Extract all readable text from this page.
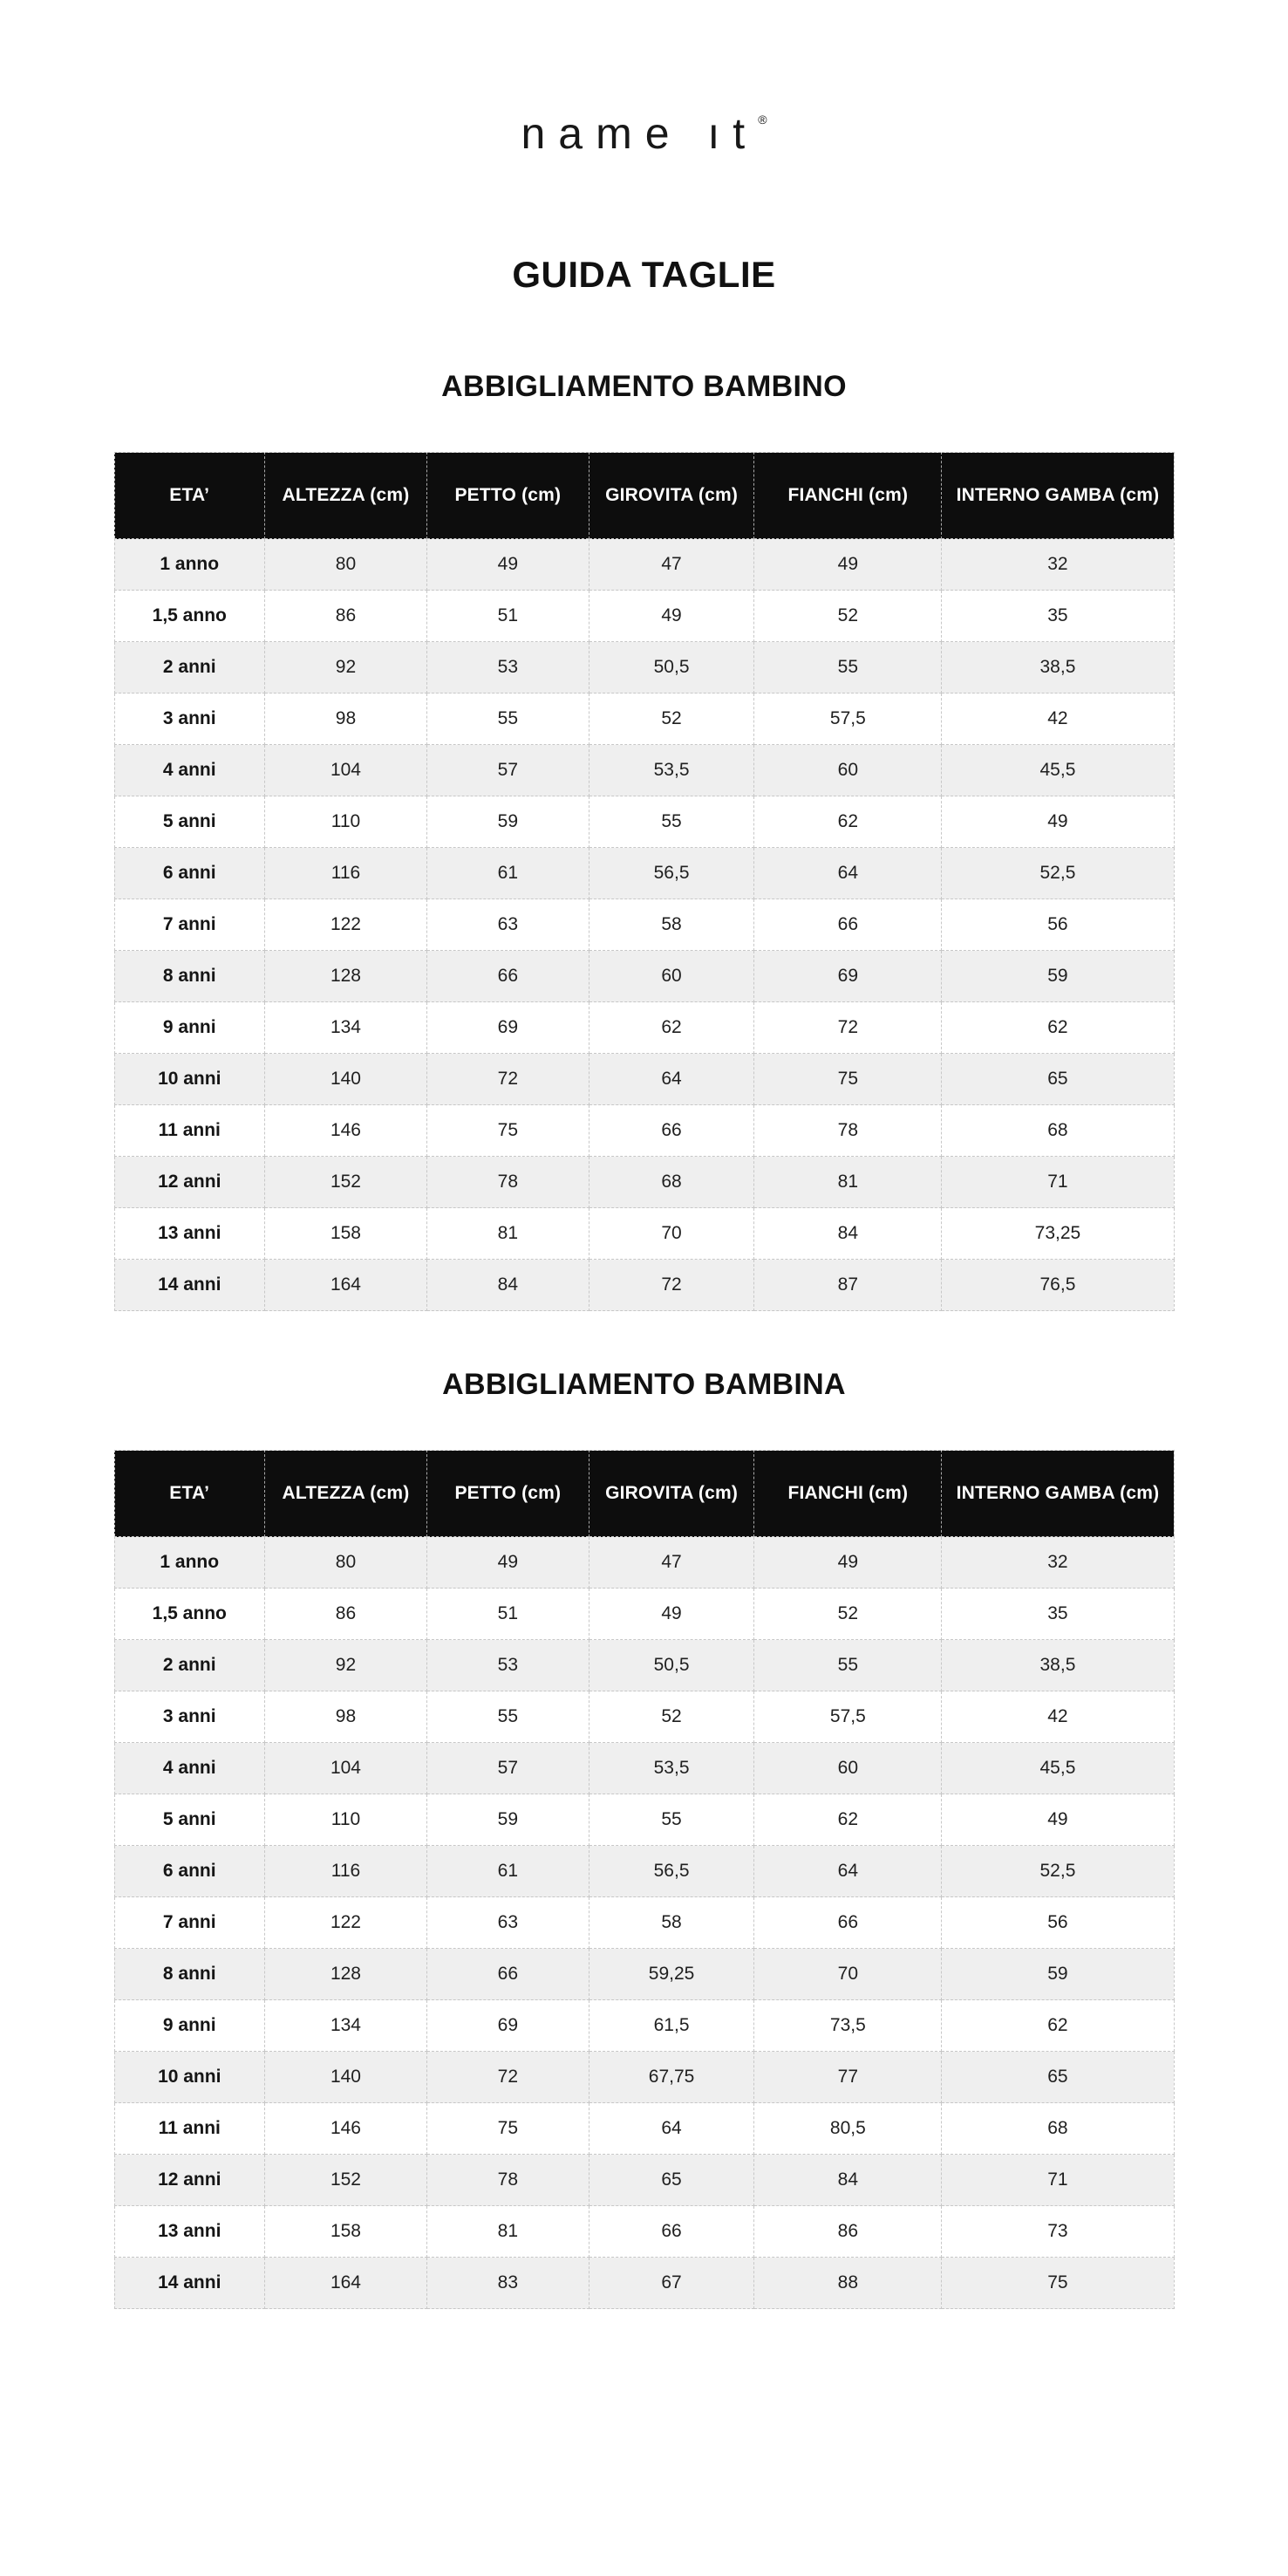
name ıt®
GUIDA TAGLIE
ABBIGLIAMENTO BAMBINO
ETA’	ALTEZZA (cm)	PETTO (cm)	GIROVITA (cm)	FIANCHI (cm)	INTERNO GAMBA (cm)
1 anno	80	49	47	49	32
1,5 anno	86	51	49	52	35
2 anni	92	53	50,5	55	38,5
3 anni	98	55	52	57,5	42
4 anni	104	57	53,5	60	45,5
5 anni	110	59	55	62	49
6 anni	116	61	56,5	64	52,5
7 anni	122	63	58	66	56
8 anni	128	66	60	69	59
9 anni	134	69	62	72	62
10 anni	140	72	64	75	65
11 anni	146	75	66	78	68
12 anni	152	78	68	81	71
13 anni	158	81	70	84	73,25
14 anni	164	84	72	87	76,5
ABBIGLIAMENTO BAMBINA
ETA’	ALTEZZA (cm)	PETTO (cm)	GIROVITA (cm)	FIANCHI (cm)	INTERNO GAMBA (cm)
1 anno	80	49	47	49	32
1,5 anno	86	51	49	52	35
2 anni	92	53	50,5	55	38,5
3 anni	98	55	52	57,5	42
4 anni	104	57	53,5	60	45,5
5 anni	110	59	55	62	49
6 anni	116	61	56,5	64	52,5
7 anni	122	63	58	66	56
8 anni	128	66	59,25	70	59
9 anni	134	69	61,5	73,5	62
10 anni	140	72	67,75	77	65
11 anni	146	75	64	80,5	68
12 anni	152	78	65	84	71
13 anni	158	81	66	86	73
14 anni	164	83	67	88	75
